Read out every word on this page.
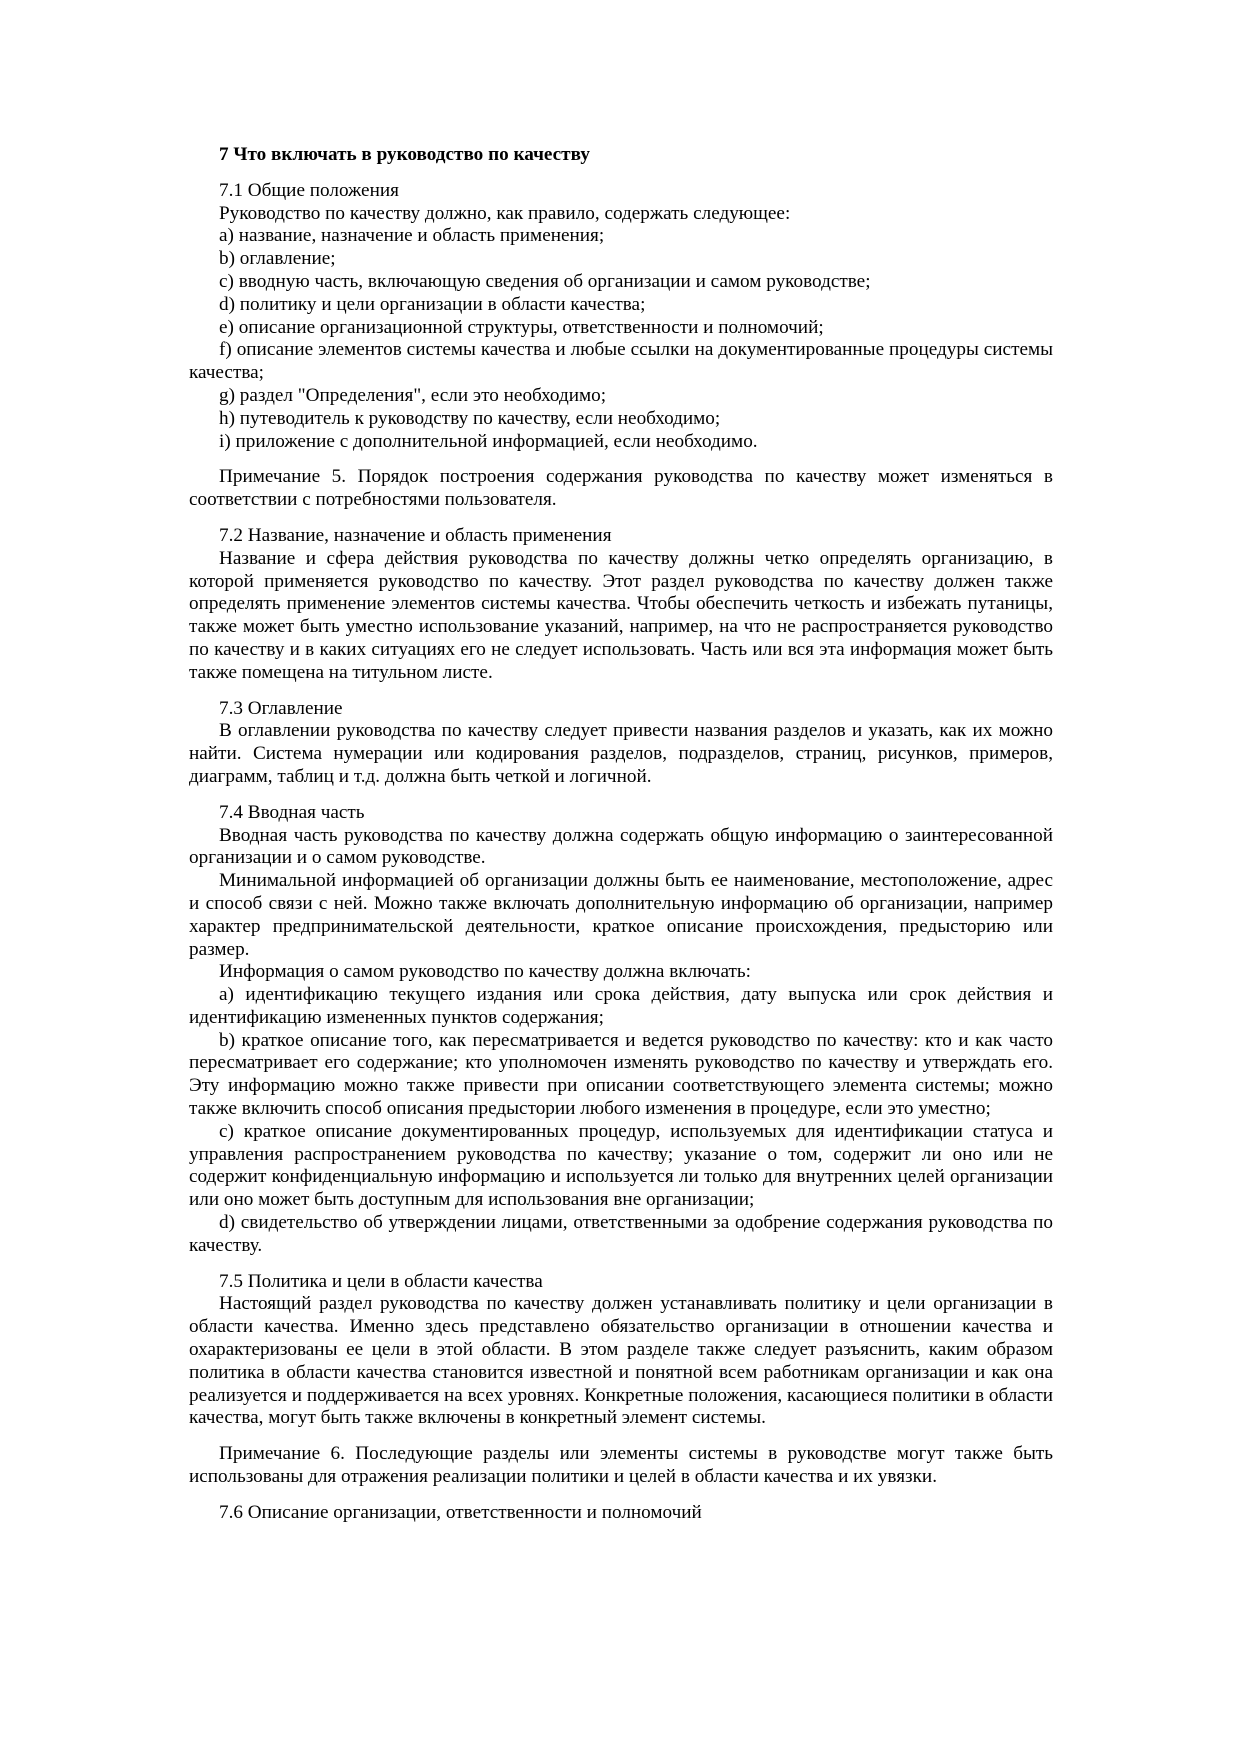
7 Что включать в руководство по качеству

7.1 Общие положения

Руководство по качеству должно, как правило, содержать следующее:

a) название, назначение и область применения;

b) оглавление;

c) вводную часть, включающую сведения об организации и самом руководстве;

d) политику и цели организации в области качества;

e) описание организационной структуры, ответственности и полномочий;

f) описание элементов системы качества и любые ссылки на документированные процедуры системы качества;

g) раздел "Определения", если это необходимо;

h) путеводитель к руководству по качеству, если необходимо;

i) приложение с дополнительной информацией, если необходимо.

Примечание 5. Порядок построения содержания руководства по качеству может изменяться в соответствии с потребностями пользователя.

7.2 Название, назначение и область применения

Название и сфера действия руководства по качеству должны четко определять организацию, в которой применяется руководство по качеству. Этот раздел руководства по качеству должен также определять применение элементов системы качества. Чтобы обеспечить четкость и избежать путаницы, также может быть уместно использование указаний, например, на что не распространяется руководство по качеству и в каких ситуациях его не следует использовать. Часть или вся эта информация может быть также помещена на титульном листе.

7.3 Оглавление

В оглавлении руководства по качеству следует привести названия разделов и указать, как их можно найти. Система нумерации или кодирования разделов, подразделов, страниц, рисунков, примеров, диаграмм, таблиц и т.д. должна быть четкой и логичной.

7.4 Вводная часть

Вводная часть руководства по качеству должна содержать общую информацию о заинтересованной организации и о самом руководстве.

Минимальной информацией об организации должны быть ее наименование, местоположение, адрес и способ связи с ней. Можно также включать дополнительную информацию об организации, например характер предпринимательской деятельности, краткое описание происхождения, предысторию или размер.

Информация о самом руководство по качеству должна включать:

a) идентификацию текущего издания или срока действия, дату выпуска или срок действия и идентификацию измененных пунктов содержания;

b) краткое описание того, как пересматривается и ведется руководство по качеству: кто и как часто пересматривает его содержание; кто уполномочен изменять руководство по качеству и утверждать его. Эту информацию можно также привести при описании соответствующего элемента системы; можно также включить способ описания предыстории любого изменения в процедуре, если это уместно;

c) краткое описание документированных процедур, используемых для идентификации статуса и управления распространением руководства по качеству; указание о том, содержит ли оно или не содержит конфиденциальную информацию и используется ли только для внутренних целей организации или оно может быть доступным для использования вне организации;

d) свидетельство об утверждении лицами, ответственными за одобрение содержания руководства по качеству.

7.5 Политика и цели в области качества

Настоящий раздел руководства по качеству должен устанавливать политику и цели организации в области качества. Именно здесь представлено обязательство организации в отношении качества и охарактеризованы ее цели в этой области. В этом разделе также следует разъяснить, каким образом политика в области качества становится известной и понятной всем работникам организации и как она реализуется и поддерживается на всех уровнях. Конкретные положения, касающиеся политики в области качества, могут быть также включены в конкретный элемент системы.

Примечание 6. Последующие разделы или элементы системы в руководстве могут также быть использованы для отражения реализации политики и целей в области качества и их увязки.

7.6 Описание организации, ответственности и полномочий
